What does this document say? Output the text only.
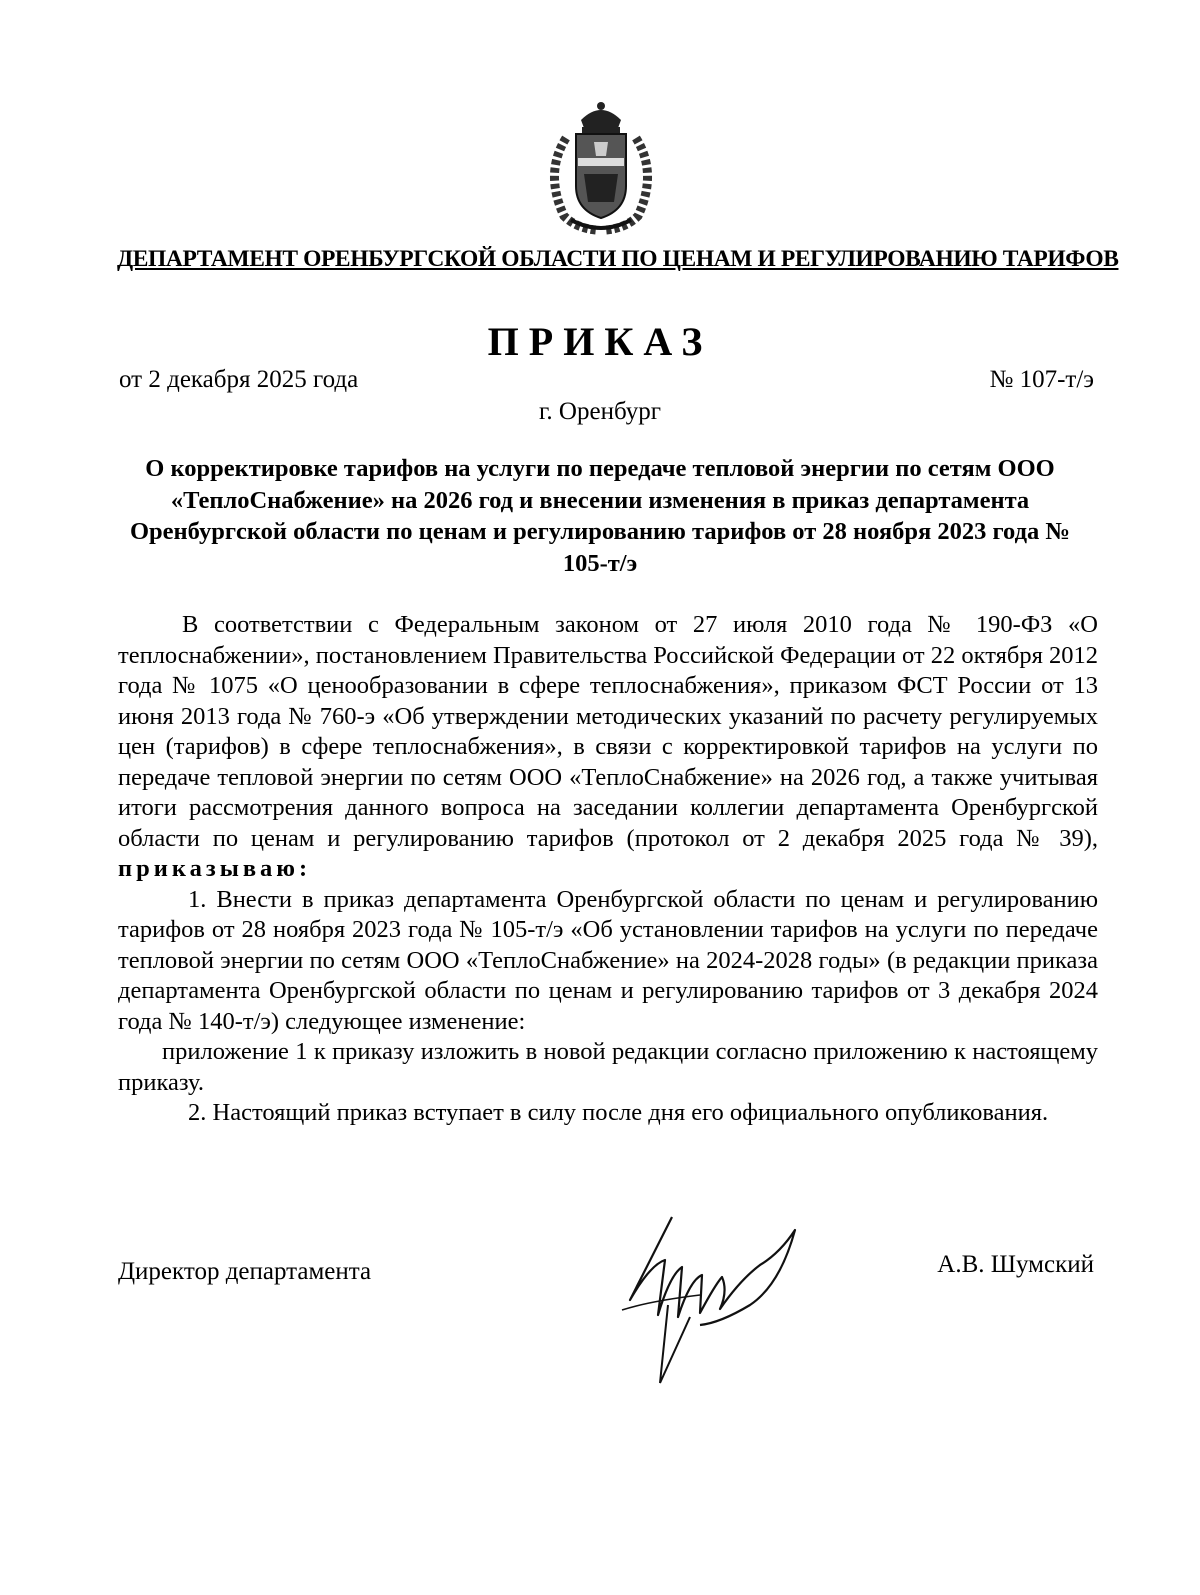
ДЕПАРТАМЕНТ ОРЕНБУРГСКОЙ ОБЛАСТИ ПО ЦЕНАМ И РЕГУЛИРОВАНИЮ ТАРИФОВ
ПРИКАЗ
от 2 декабря 2025 года	№ 107-т/э
г. Оренбург
О корректировке тарифов на услуги по передаче тепловой энергии по сетям ООО «ТеплоСнабжение» на 2026 год и внесении изменения в приказ департамента Оренбургской области по ценам и регулированию тарифов от 28 ноября 2023 года № 105-т/э

В соответствии с Федеральным законом от 27 июля 2010 года № 190-ФЗ «О теплоснабжении», постановлением Правительства Российской Федерации от 22 октября 2012 года № 1075 «О ценообразовании в сфере теплоснабжения», приказом ФСТ России от 13 июня 2013 года № 760-э «Об утверждении методических указаний по расчету регулируемых цен (тарифов) в сфере теплоснабжения», в связи с корректировкой тарифов на услуги по передаче тепловой энергии по сетям ООО «ТеплоСнабжение» на 2026 год, а также учитывая итоги рассмотрения данного вопроса на заседании коллегии департамента Оренбургской области по ценам и регулированию тарифов (протокол от 2 декабря 2025 года № 39), приказываю:

1. Внести в приказ департамента Оренбургской области по ценам и регулированию тарифов от 28 ноября 2023 года № 105-т/э «Об установлении тарифов на услуги по передаче тепловой энергии по сетям ООО «ТеплоСнабжение» на 2024-2028 годы» (в редакции приказа департамента Оренбургской области по ценам и регулированию тарифов от 3 декабря 2024 года № 140-т/э) следующее изменение:

приложение 1 к приказу изложить в новой редакции согласно приложению к настоящему приказу.

2. Настоящий приказ вступает в силу после дня его официального опубликования.

Директор департамента	А.В. Шумский
